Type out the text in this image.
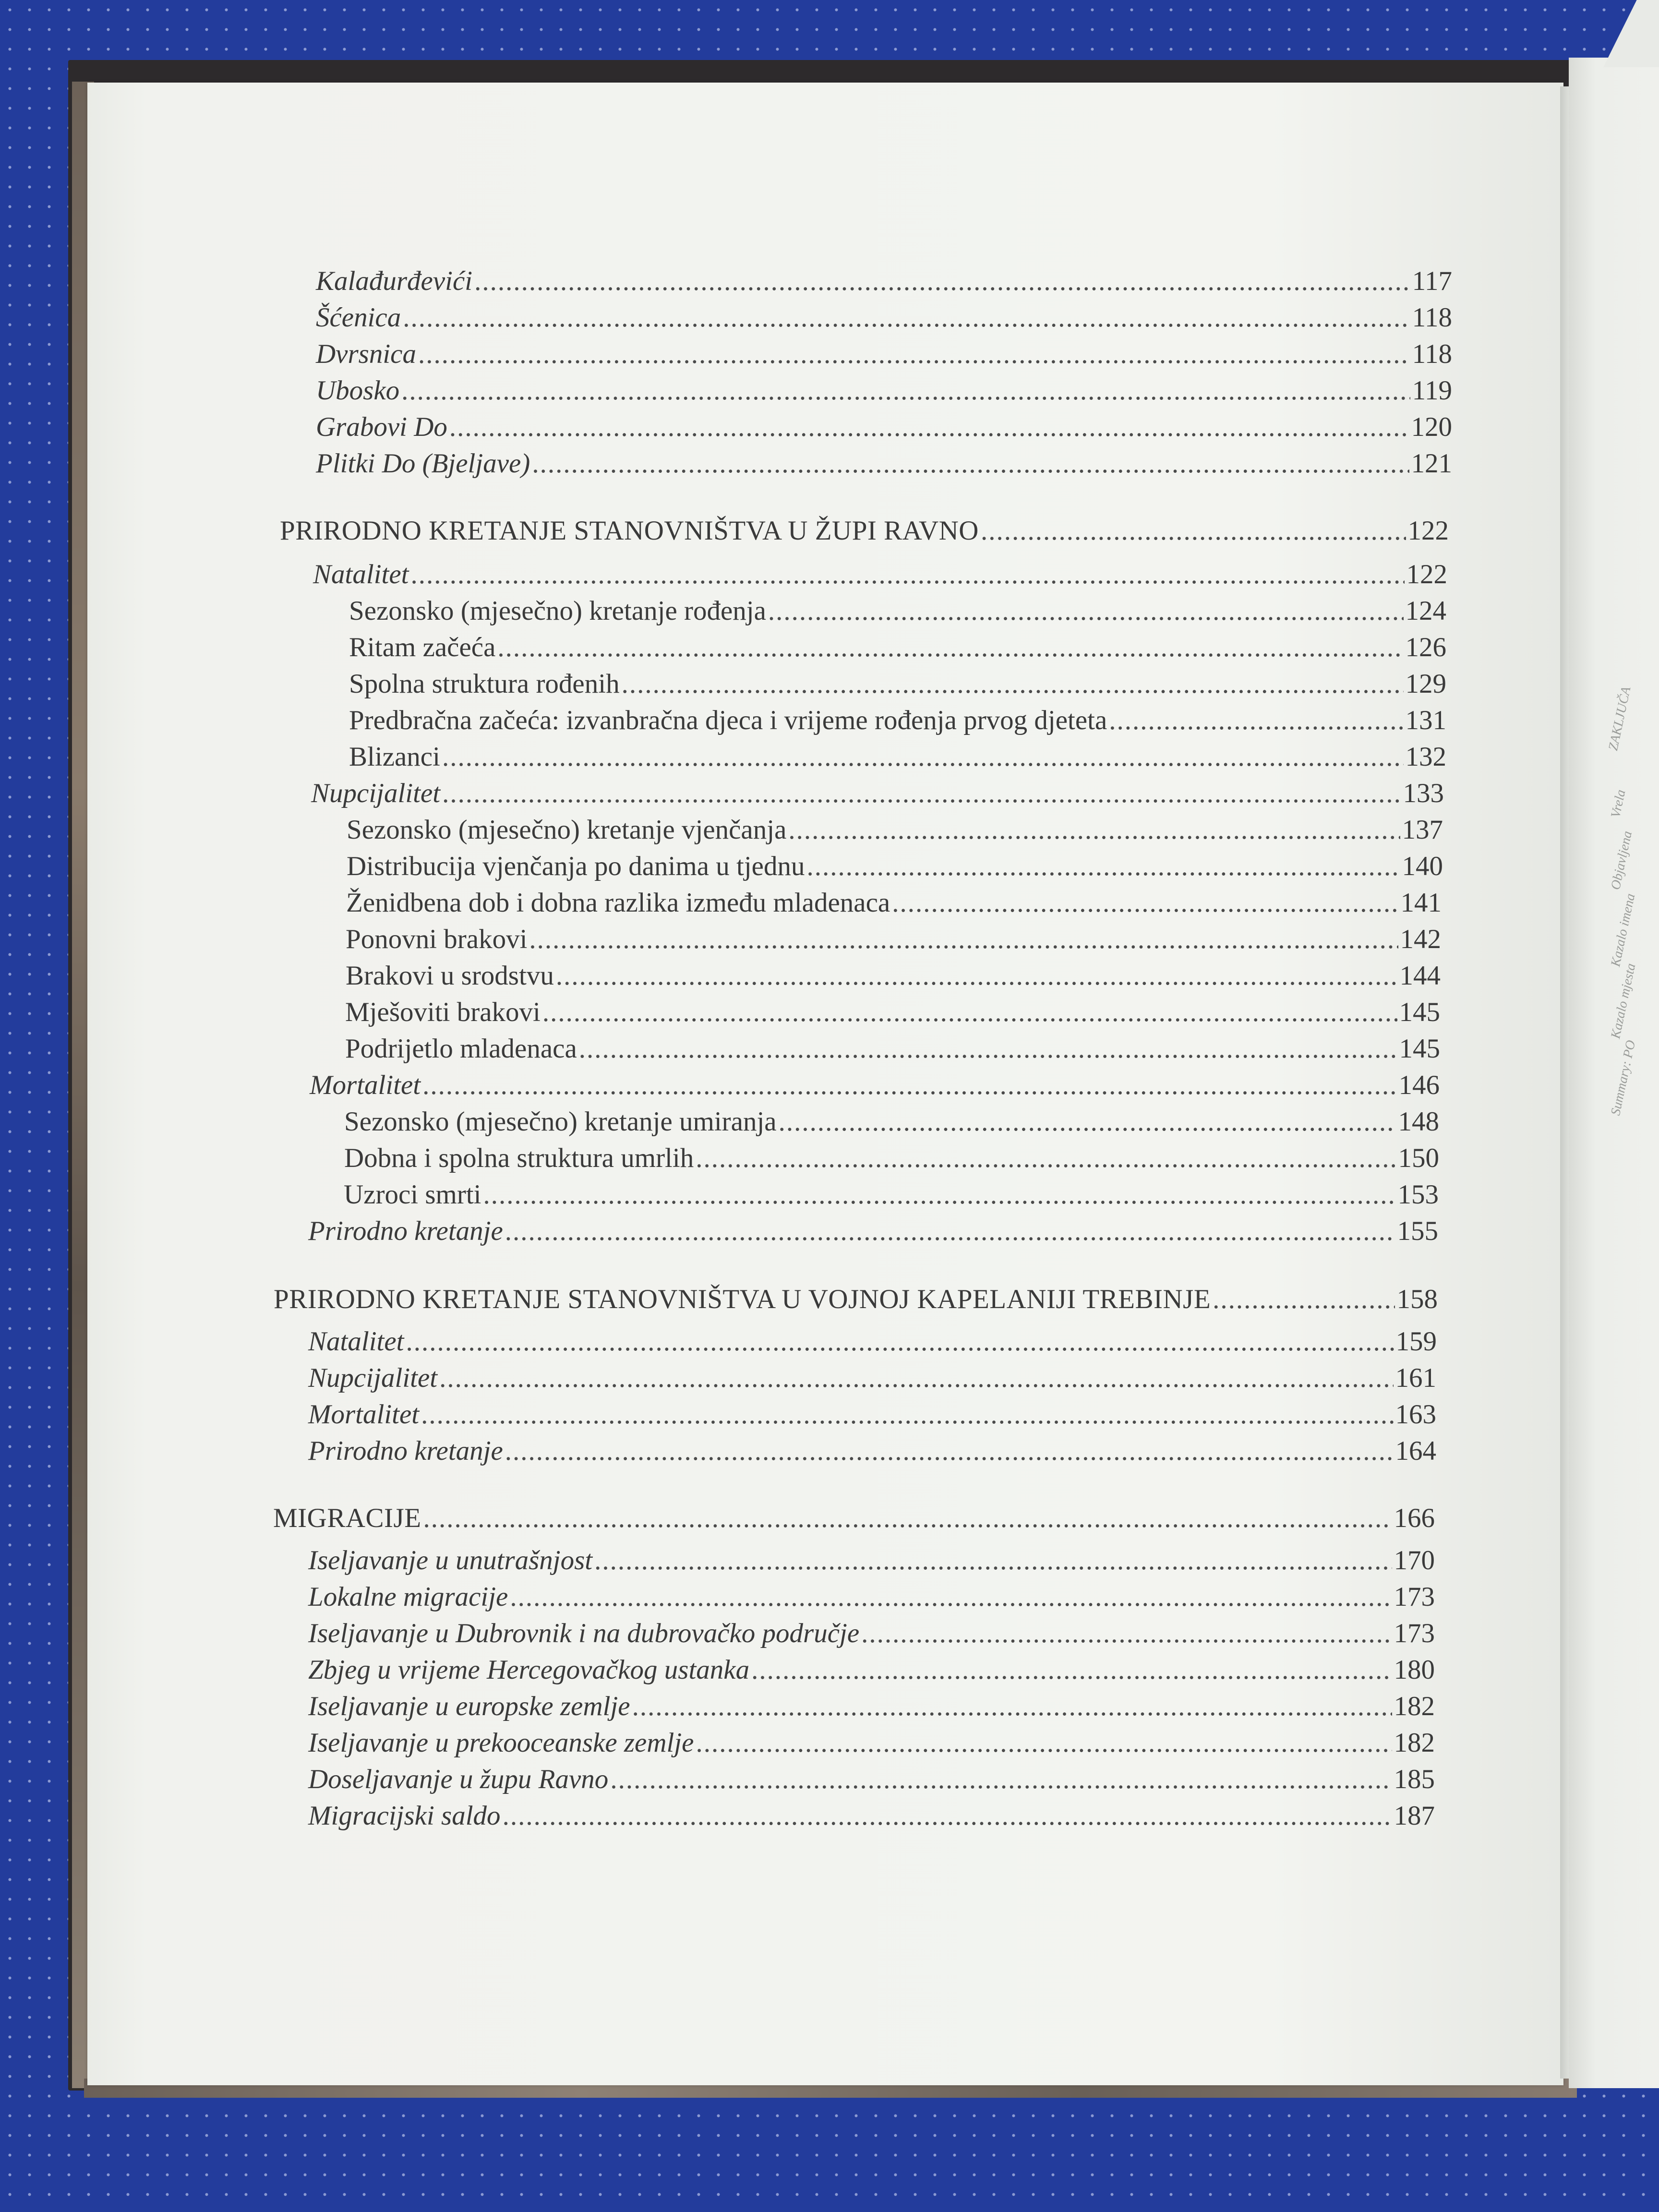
ZAKLJUČA
Vrela
Objavljena
Kazalo imena
Kazalo mjesta
Summary: PO
Kalađurđevići .....	117
Šćenica .....	118
Dvrsnica .....	118
Ubosko .....	119
Grabovi Do .....	120
Plitki Do (Bjeljave) .....	121
PRIRODNO KRETANJE STANOVNIŠTVA U ŽUPI RAVNO .....	122
Natalitet .....	122
Sezonsko (mjesečno) kretanje rođenja .....	124
Ritam začeća .....	126
Spolna struktura rođenih .....	129
Predbračna začeća: izvanbračna djeca i vrijeme rođenja prvog djeteta .....	131
Blizanci .....	132
Nupcijalitet .....	133
Sezonsko (mjesečno) kretanje vjenčanja .....	137
Distribucija vjenčanja po danima u tjednu .....	140
Ženidbena dob i dobna razlika između mladenaca .....	141
Ponovni brakovi .....	142
Brakovi u srodstvu .....	144
Mješoviti brakovi .....	145
Podrijetlo mladenaca .....	145
Mortalitet .....	146
Sezonsko (mjesečno) kretanje umiranja .....	148
Dobna i spolna struktura umrlih .....	150
Uzroci smrti .....	153
Prirodno kretanje .....	155
PRIRODNO KRETANJE STANOVNIŠTVA U VOJNOJ KAPELANIJI TREBINJE .....	158
Natalitet .....	159
Nupcijalitet .....	161
Mortalitet .....	163
Prirodno kretanje .....	164
MIGRACIJE .....	166
Iseljavanje u unutrašnjost .....	170
Lokalne migracije .....	173
Iseljavanje u Dubrovnik i na dubrovačko područje .....	173
Zbjeg u vrijeme Hercegovačkog ustanka .....	180
Iseljavanje u europske zemlje .....	182
Iseljavanje u prekooceanske zemlje .....	182
Doseljavanje u župu Ravno .....	185
Migracijski saldo .....	187
